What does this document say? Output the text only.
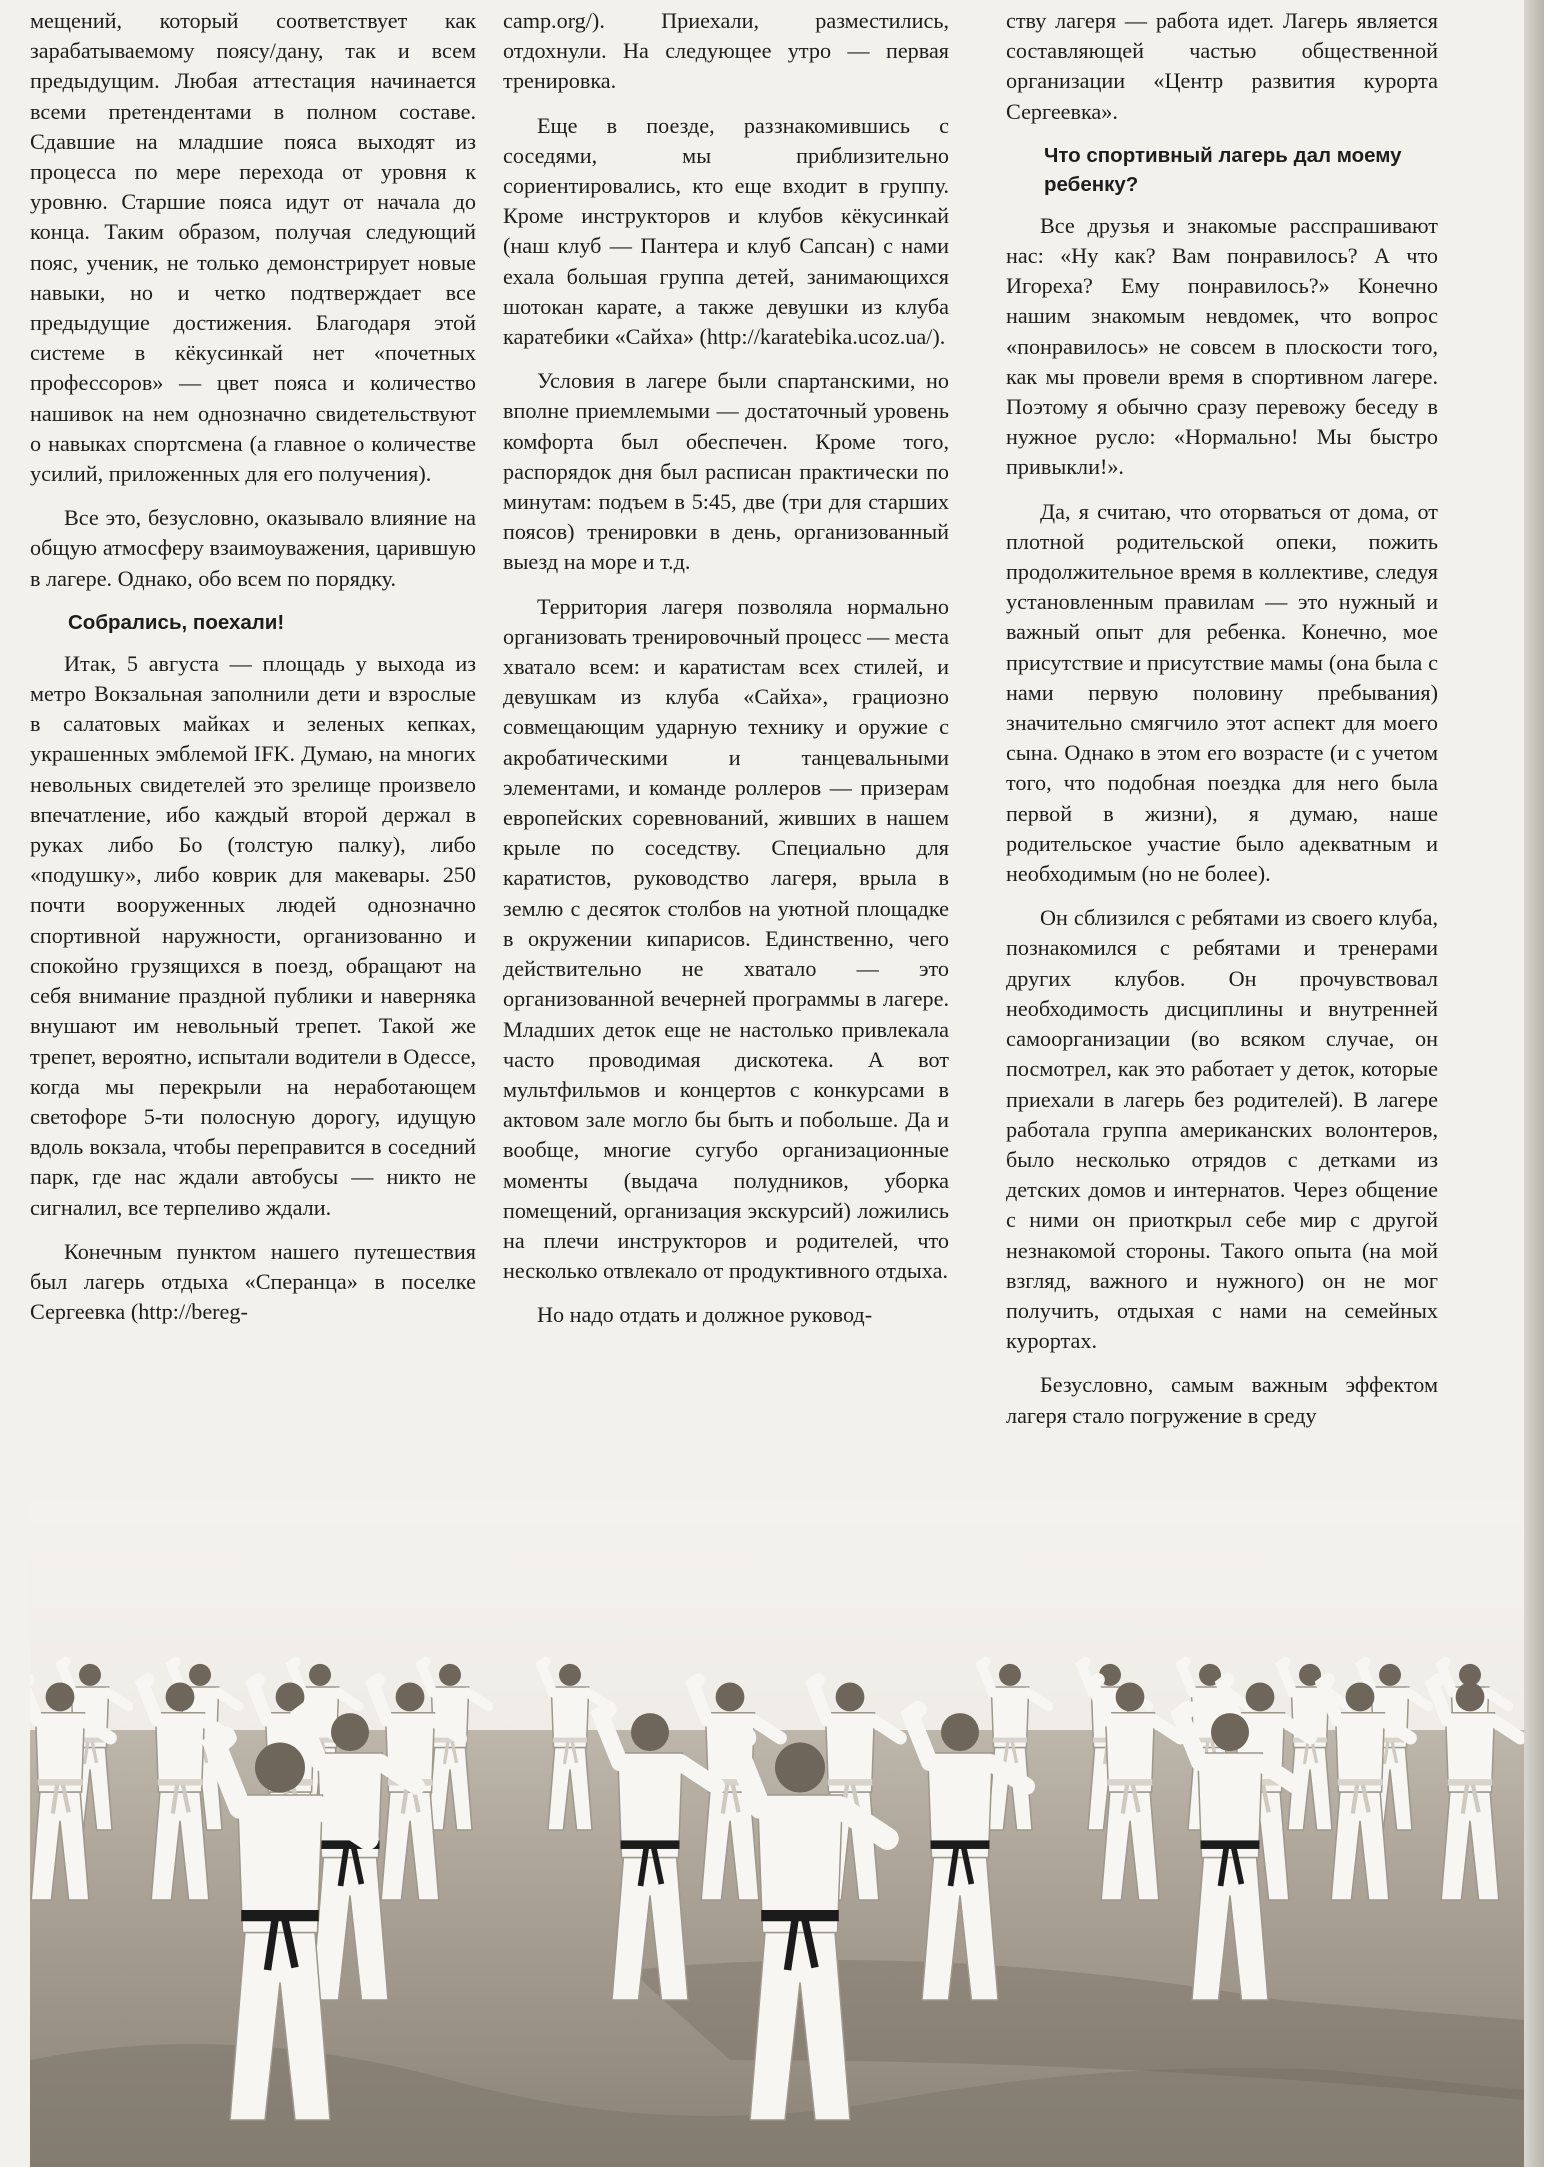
мещений, который соответствует как зарабатываемому поясу/дану, так и всем предыдущим. Любая аттестация начинается всеми претендентами в полном составе. Сдавшие на младшие пояса выходят из процесса по мере перехода от уровня к уровню. Старшие пояса идут от начала до конца. Таким образом, получая следующий пояс, ученик, не только демонстрирует новые навыки, но и четко подтверждает все предыдущие достижения. Благодаря этой системе в кёкусинкай нет «почетных профессоров» — цвет пояса и количество нашивок на нем однозначно свидетельствуют о навыках спортсмена (а главное о количестве усилий, приложенных для его получения).

Все это, безусловно, оказывало влияние на общую атмосферу взаимоуважения, царившую в лагере. Однако, обо всем по порядку.

Собрались, поехали!

Итак, 5 августа — площадь у выхода из метро Вокзальная заполнили дети и взрослые в салатовых майках и зеленых кепках, украшенных эмблемой IFK. Думаю, на многих невольных свидетелей это зрелище произвело впечатление, ибо каждый второй держал в руках либо Бо (толстую палку), либо «подушку», либо коврик для макевары. 250 почти вооруженных людей однозначно спортивной наружности, организованно и спокойно грузящихся в поезд, обращают на себя внимание праздной публики и наверняка внушают им невольный трепет. Такой же трепет, вероятно, испытали водители в Одессе, когда мы перекрыли на неработающем светофоре 5-ти полосную дорогу, идущую вдоль вокзала, чтобы переправится в соседний парк, где нас ждали автобусы — никто не сигналил, все терпеливо ждали.

Конечным пунктом нашего путешествия был лагерь отдыха «Сперанца» в поселке Сергеевка (http://bereg-

camp.org/). Приехали, разместились, отдохнули. На следующее утро — первая тренировка.

Еще в поезде, раззнакомившись с соседями, мы приблизительно сориентировались, кто еще входит в группу. Кроме инструкторов и клубов кёкусинкай (наш клуб — Пантера и клуб Сапсан) с нами ехала большая группа детей, занимающихся шотокан карате, а также девушки из клуба каратебики «Сайха» (http://karatebika.ucoz.ua/).

Условия в лагере были спартанскими, но вполне приемлемыми — достаточный уровень комфорта был обеспечен. Кроме того, распорядок дня был расписан практически по минутам: подъем в 5:45, две (три для старших поясов) тренировки в день, организованный выезд на море и т.д.

Территория лагеря позволяла нормально организовать тренировочный процесс — места хватало всем: и каратистам всех стилей, и девушкам из клуба «Сайха», грациозно совмещающим ударную технику и оружие с акробатическими и танцевальными элементами, и команде роллеров — призерам европейских соревнований, живших в нашем крыле по соседству. Специально для каратистов, руководство лагеря, врыла в землю с десяток столбов на уютной площадке в окружении кипарисов. Единственно, чего действительно не хватало — это организованной вечерней программы в лагере. Младших деток еще не настолько привлекала часто проводимая дискотека. А вот мультфильмов и концертов с конкурсами в актовом зале могло бы быть и побольше. Да и вообще, многие сугубо организационные моменты (выдача полудников, уборка помещений, организация экскурсий) ложились на плечи инструкторов и родителей, что несколько отвлекало от продуктивного отдыха.

Но надо отдать и должное руковод-

ству лагеря — работа идет. Лагерь является составляющей частью общественной организации «Центр развития курорта Сергеевка».

Что спортивный лагерь дал моему ребенку?

Все друзья и знакомые расспрашивают нас: «Ну как? Вам понравилось? А что Игореха? Ему понравилось?» Конечно нашим знакомым невдомек, что вопрос «понравилось» не совсем в плоскости того, как мы провели время в спортивном лагере. Поэтому я обычно сразу перевожу беседу в нужное русло: «Нормально! Мы быстро привыкли!».

Да, я считаю, что оторваться от дома, от плотной родительской опеки, пожить продолжительное время в коллективе, следуя установленным правилам — это нужный и важный опыт для ребенка. Конечно, мое присутствие и присутствие мамы (она была с нами первую половину пребывания) значительно смягчило этот аспект для моего сына. Однако в этом его возрасте (и с учетом того, что подобная поездка для него была первой в жизни), я думаю, наше родительское участие было адекватным и необходимым (но не более).

Он сблизился с ребятами из своего клуба, познакомился с ребятами и тренерами других клубов. Он прочувствовал необходимость дисциплины и внутренней самоорганизации (во всяком случае, он посмотрел, как это работает у деток, которые приехали в лагерь без родителей). В лагере работала группа американских волонтеров, было несколько отрядов с детками из детских домов и интернатов. Через общение с ними он приоткрыл себе мир с другой незнакомой стороны. Такого опыта (на мой взгляд, важного и нужного) он не мог получить, отдыхая с нами на семейных курортах.

Безусловно, самым важным эффектом лагеря стало погружение в среду
